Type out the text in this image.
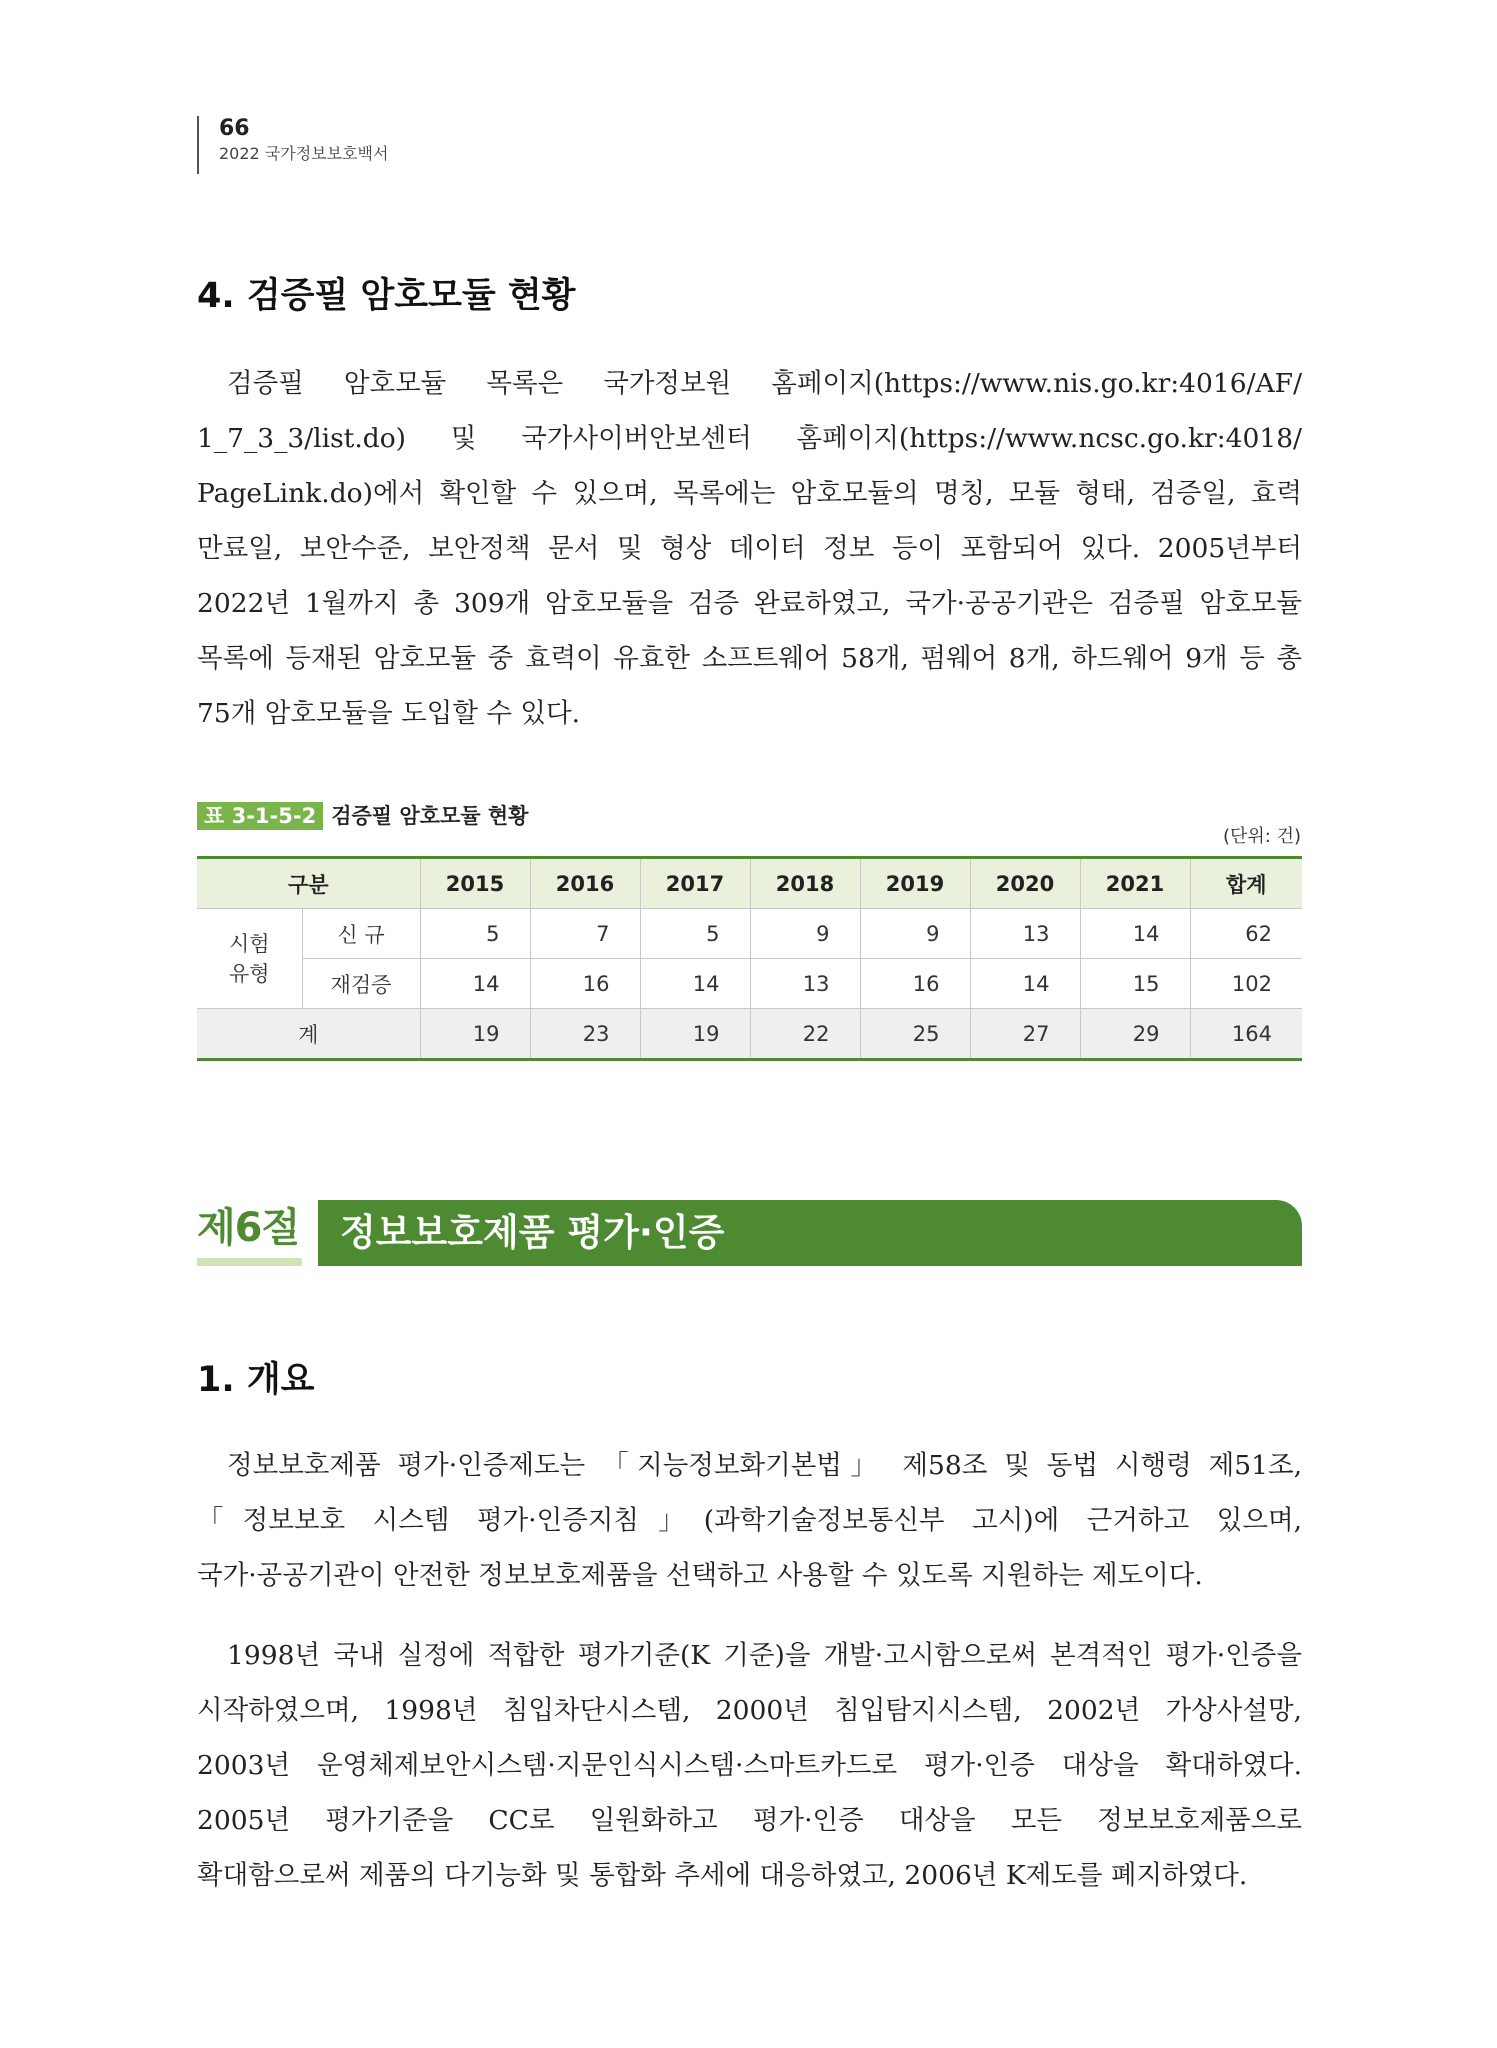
66
2022 국가정보보호백서
4. 검증필 암호모듈 현황
검증필 암호모듈 목록은 국가정보원 홈페이지(https://www.nis.go.kr:4016/AF/
1_7_3_3/list.do) 및 국가사이버안보센터 홈페이지(https://www.ncsc.go.kr:4018/
PageLink.do)에서 확인할 수 있으며, 목록에는 암호모듈의 명칭, 모듈 형태, 검증일, 효력
만료일, 보안수준, 보안정책 문서 및 형상 데이터 정보 등이 포함되어 있다. 2005년부터
2022년 1월까지 총 309개 암호모듈을 검증 완료하였고, 국가·공공기관은 검증필 암호모듈
목록에 등재된 암호모듈 중 효력이 유효한 소프트웨어 58개, 펌웨어 8개, 하드웨어 9개 등 총
75개 암호모듈을 도입할 수 있다.
표 3-1-5-2 검증필 암호모듈 현황
(단위: 건)
구분		2015	2016	2017	2018	2019	2020	2021	합계
시험
유형	신 규	5	7	5	9	9	13	14	62
	재검증	14	16	14	13	16	14	15	102
계		19	23	19	22	25	27	29	164
제6절 정보보호제품 평가·인증
1. 개요
정보보호제품 평가·인증제도는 「지능정보화기본법」 제58조 및 동법 시행령 제51조,
「정보보호 시스템 평가·인증지침」(과학기술정보통신부 고시)에 근거하고 있으며,
국가·공공기관이 안전한 정보보호제품을 선택하고 사용할 수 있도록 지원하는 제도이다.
1998년 국내 실정에 적합한 평가기준(K 기준)을 개발·고시함으로써 본격적인 평가·인증을
시작하였으며, 1998년 침입차단시스템, 2000년 침입탐지시스템, 2002년 가상사설망,
2003년 운영체제보안시스템·지문인식시스템·스마트카드로 평가·인증 대상을 확대하였다.
2005년 평가기준을 CC로 일원화하고 평가·인증 대상을 모든 정보보호제품으로
확대함으로써 제품의 다기능화 및 통합화 추세에 대응하였고, 2006년 K제도를 폐지하였다.
